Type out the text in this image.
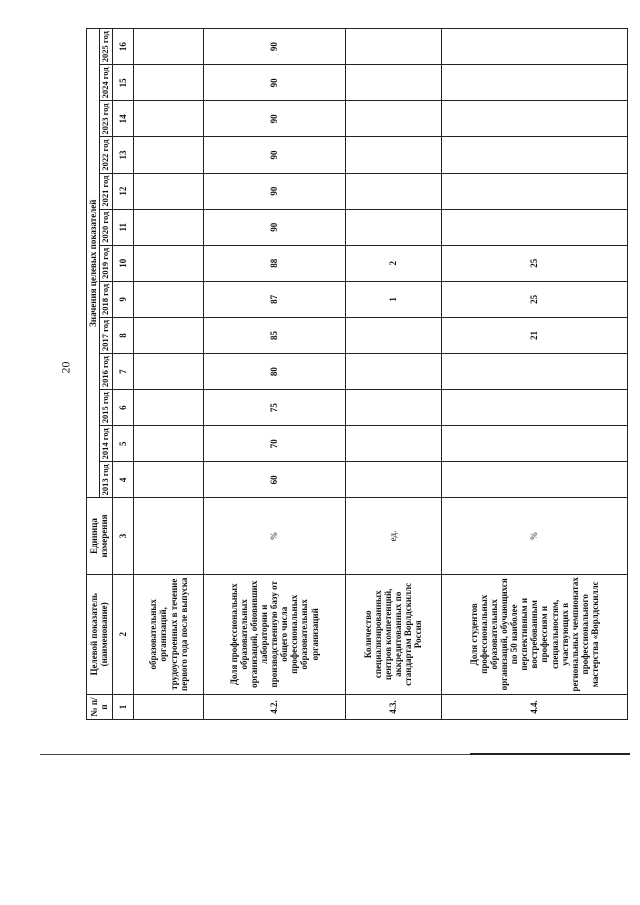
20
№ п/п	Целевой показатель (наименование)	Единица измерения	Значения целевых показателей												
			2013 год	2014 год	2015 год	2016 год	2017 год	2018 год	2019 год	2020 год	2021 год	2022 год	2023 год	2024 год	2025 год
1	2	3	4	5	6	7	8	9	10	11	12	13	14	15	16
	образовательных организаций, трудоустроенных в течение первого года после выпуска														
4.2.	Доля профессиональных образовательных организаций, обновивших лаборатории и производственную базу от общего числа профессиональных образовательных организаций	%	60	70	75	80	85	87	88	90	90	90	90	90	90
4.3.	Количество специализированных центров компетенций, аккредитованных по стандартам Ворлдскиллс Россия	ед.						1	2						
4.4.	Доля студентов профессиональных образовательных организаций, обучающихся по 50 наиболее перспективным и востребованным профессиям и специальностям, участвующих в региональных чемпионатах профессионального мастерства «Ворлдскиллс	%					21	25	25						
